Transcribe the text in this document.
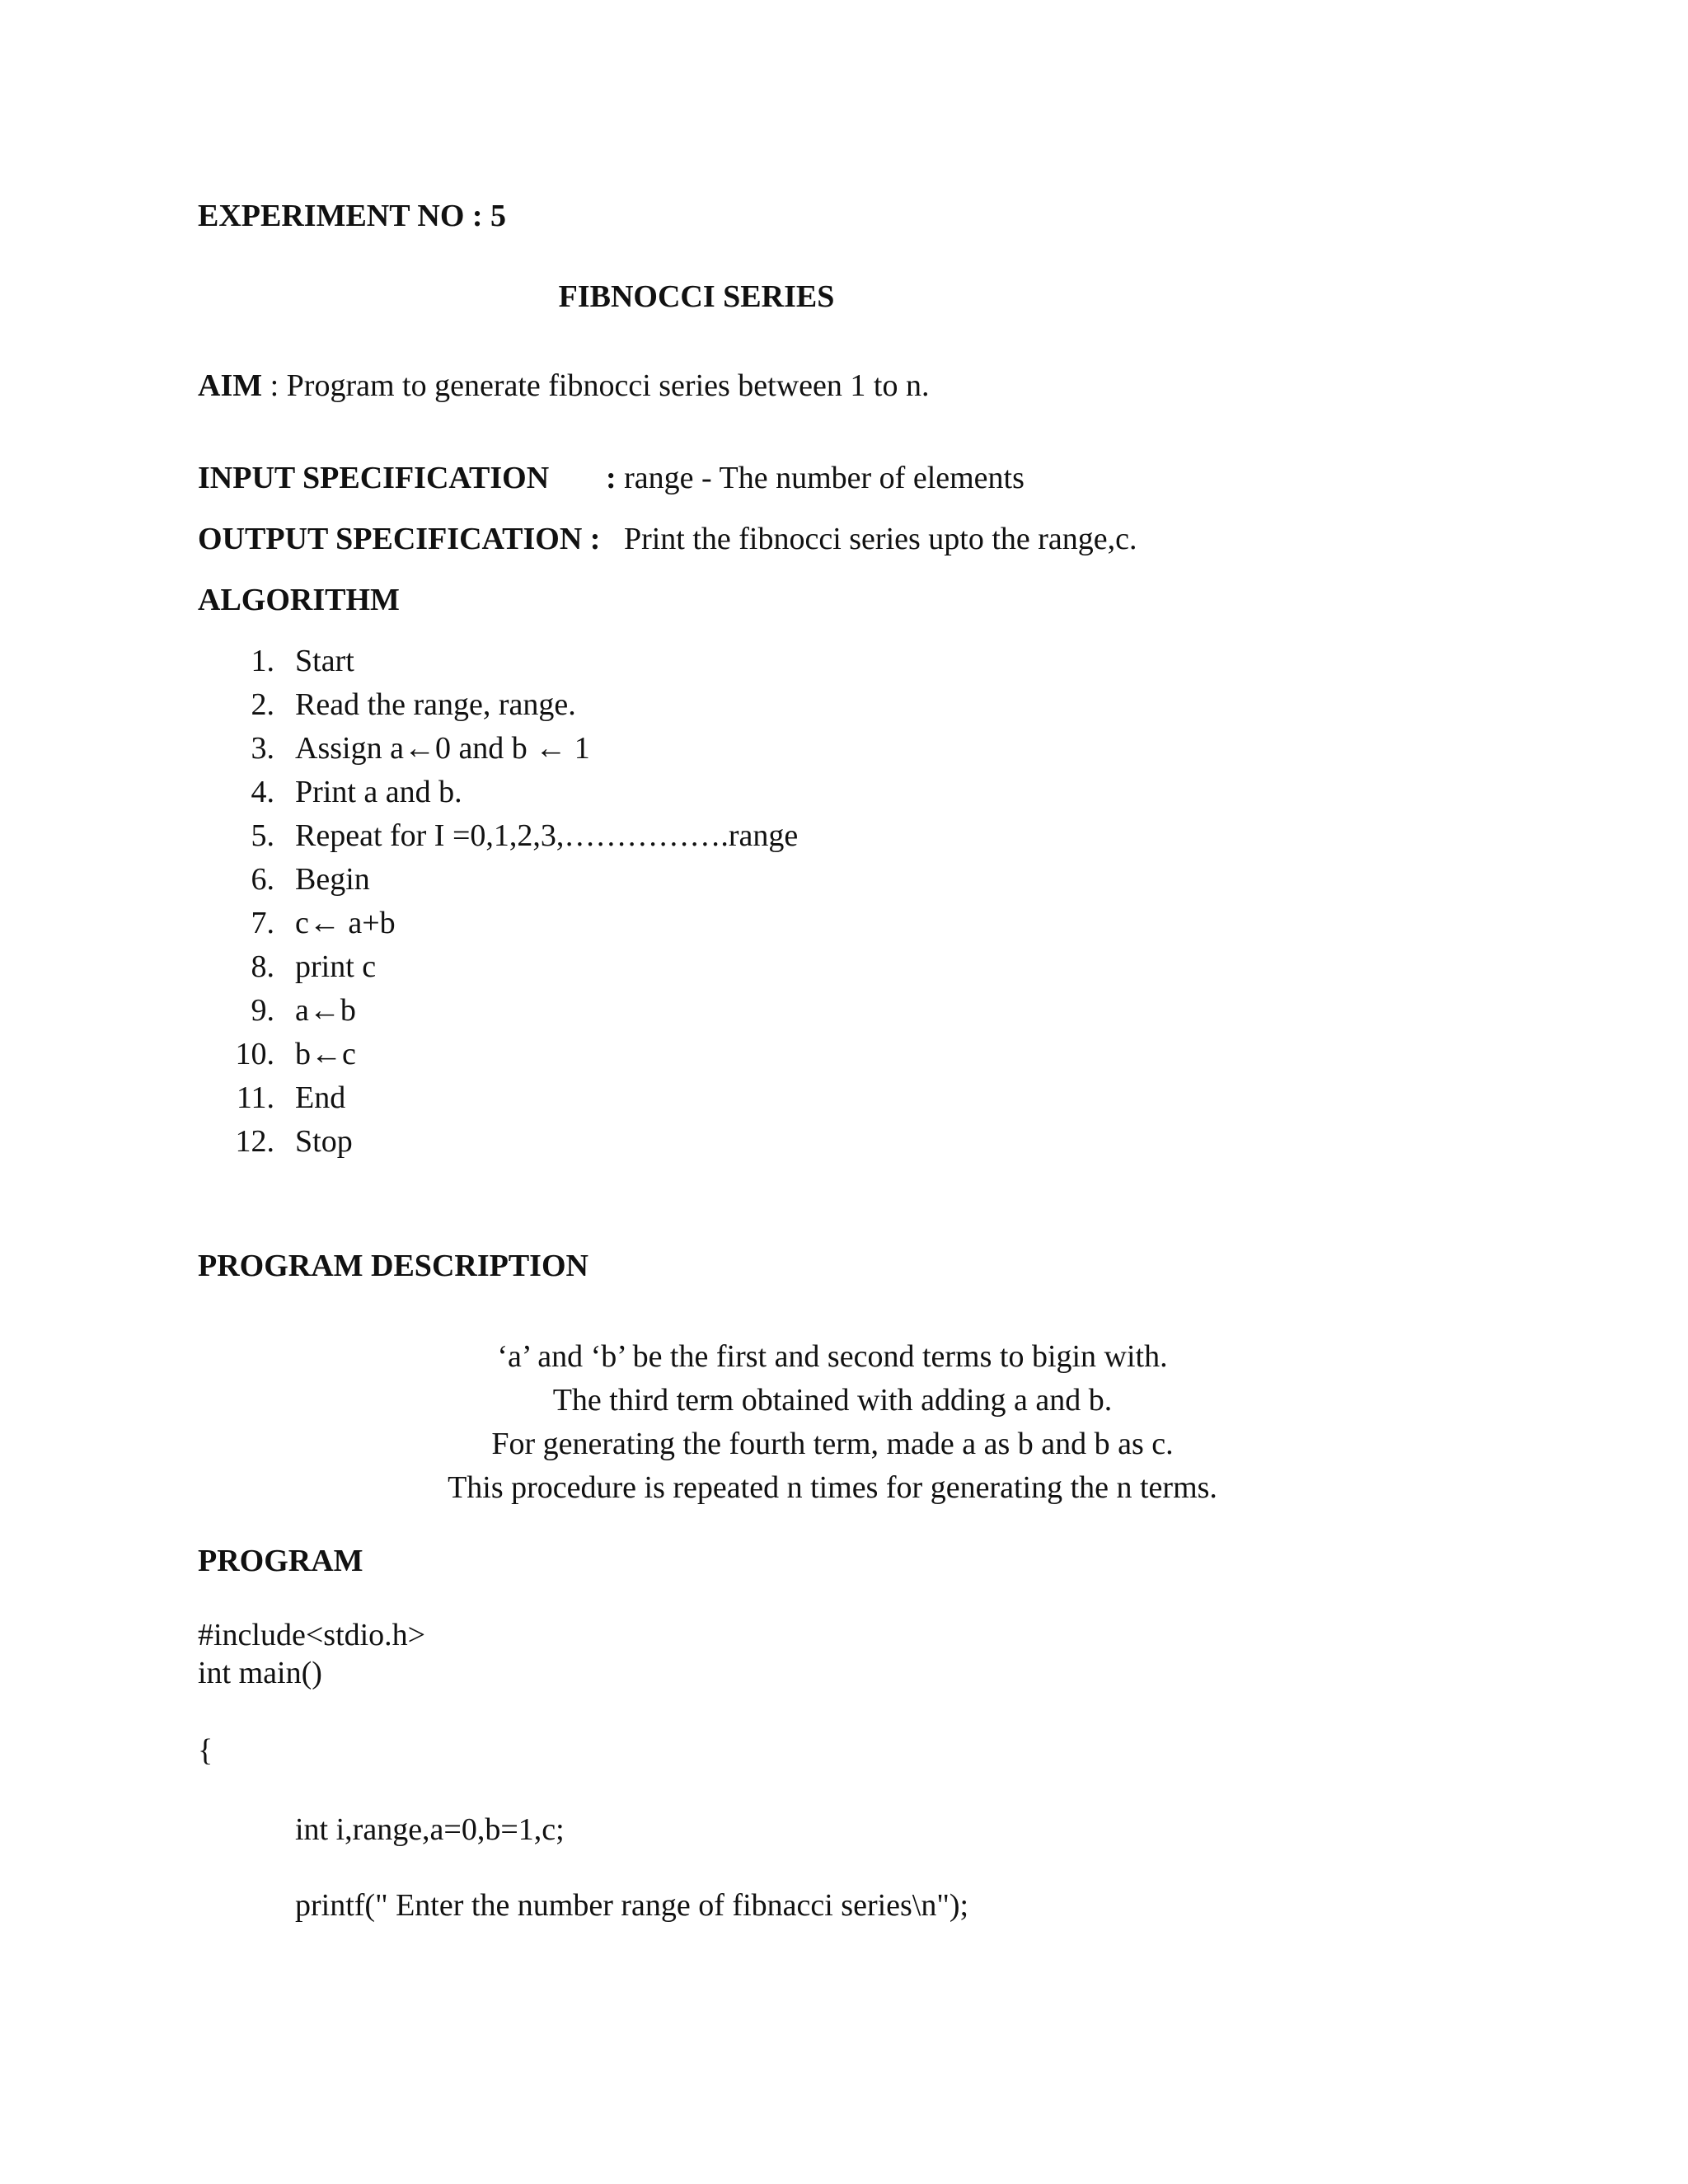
EXPERIMENT NO : 5
FIBNOCCI SERIES
AIM : Program to generate fibnocci series between 1 to n.
INPUT SPECIFICATION : range - The number of elements
OUTPUT SPECIFICATION :   Print the fibnocci series upto the range,c.
ALGORITHM
1. Start
2. Read the range, range.
3. Assign a←0 and b ← 1
4. Print a and b.
5. Repeat for I =0,1,2,3,…………….range
6. Begin
7. c← a+b
8. print c
9. a←b
10. b←c
11. End
12. Stop
PROGRAM DESCRIPTION
‘a’ and ‘b’ be the first and second terms to bigin with.
The third term obtained with adding a and b.
For generating the fourth term, made a as b and b as c.
This procedure is repeated n times for generating the n terms.
PROGRAM
#include<stdio.h>
int main()
{
int i,range,a=0,b=1,c;
printf(" Enter the number range of fibnacci series\n");
